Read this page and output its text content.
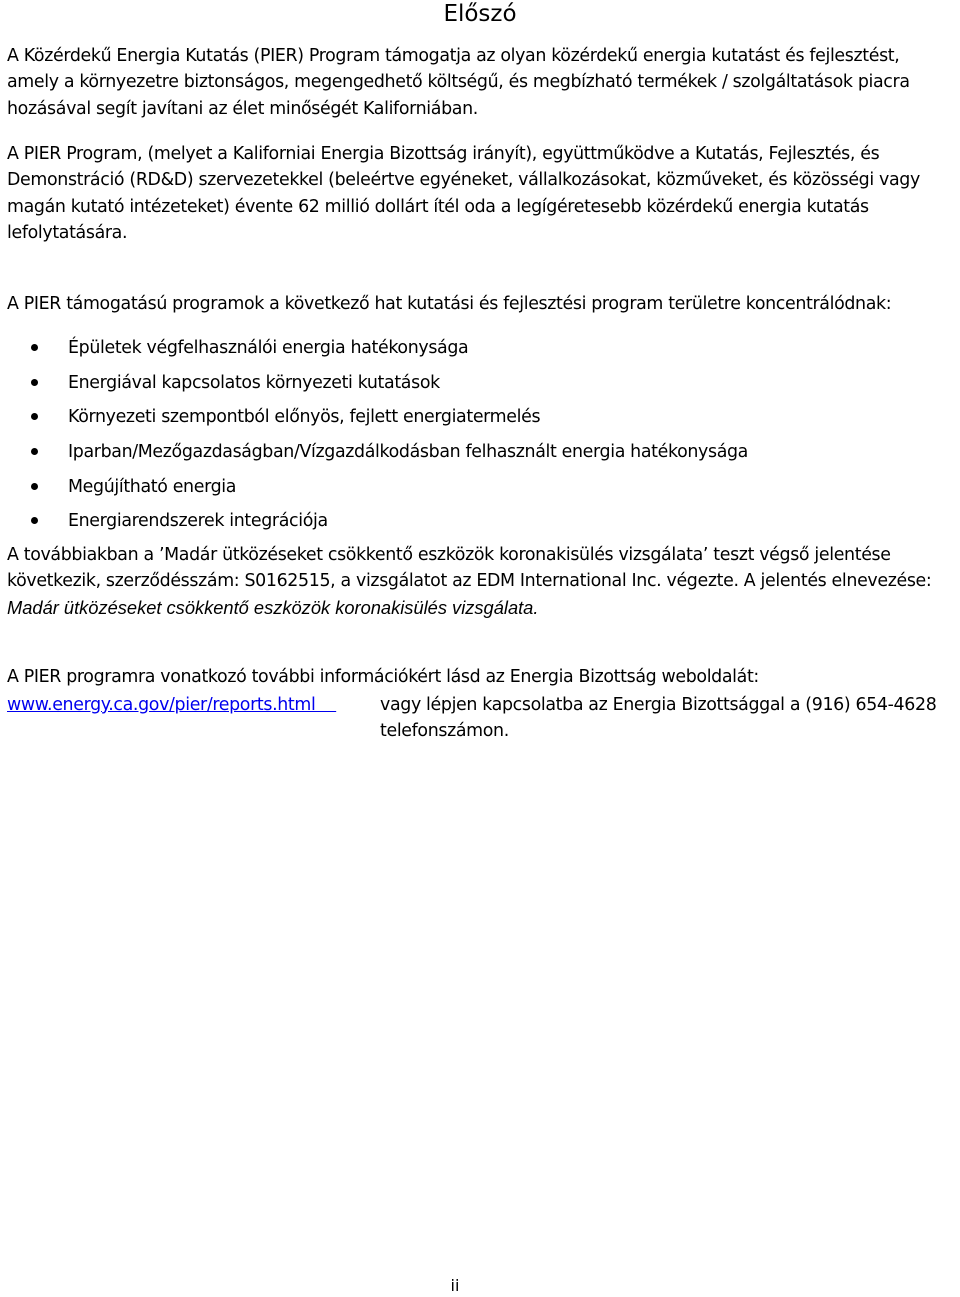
Előszó

A Közérdekű Energia Kutatás (PIER) Program támogatja az olyan közérdekű energia kutatást és fejlesztést, amely a környezetre biztonságos, megengedhető költségű, és megbízható termékek / szolgáltatások piacra hozásával segít javítani az élet minőségét Kaliforniában.

A PIER Program, (melyet a Kaliforniai Energia Bizottság irányít), együttműködve a Kutatás, Fejlesztés, és Demonstráció (RD&D) szervezetekkel (beleértve egyéneket, vállalkozásokat, közműveket, és közösségi vagy magán kutató intézeteket) évente 62 millió dollárt ítél oda a legígéretesebb közérdekű energia kutatás lefolytatására.

A PIER támogatású programok a következő hat kutatási és fejlesztési program területre koncentrálódnak:

Épületek végfelhasználói energia hatékonysága
Energiával kapcsolatos környezeti kutatások
Környezeti szempontból előnyös, fejlett energiatermelés
Iparban/Mezőgazdaságban/Vízgazdálkodásban felhasznált energia hatékonysága
Megújítható energia
Energiarendszerek integrációja

A továbbiakban a ’Madár ütközéseket csökkentő eszközök koronakisülés vizsgálata’ teszt végső jelentése következik, szerződésszám: S0162515, a vizsgálatot az EDM International Inc. végezte. A jelentés elnevezése: Madár ütközéseket csökkentő eszközök koronakisülés vizsgálata.

A PIER programra vonatkozó további információkért lásd az Energia Bizottság weboldalát:

www.energy.ca.gov/pier/reports.html	vagy lépjen kapcsolatba az Energia Bizottsággal a (916) 654-4628 telefonszámon.
ii
